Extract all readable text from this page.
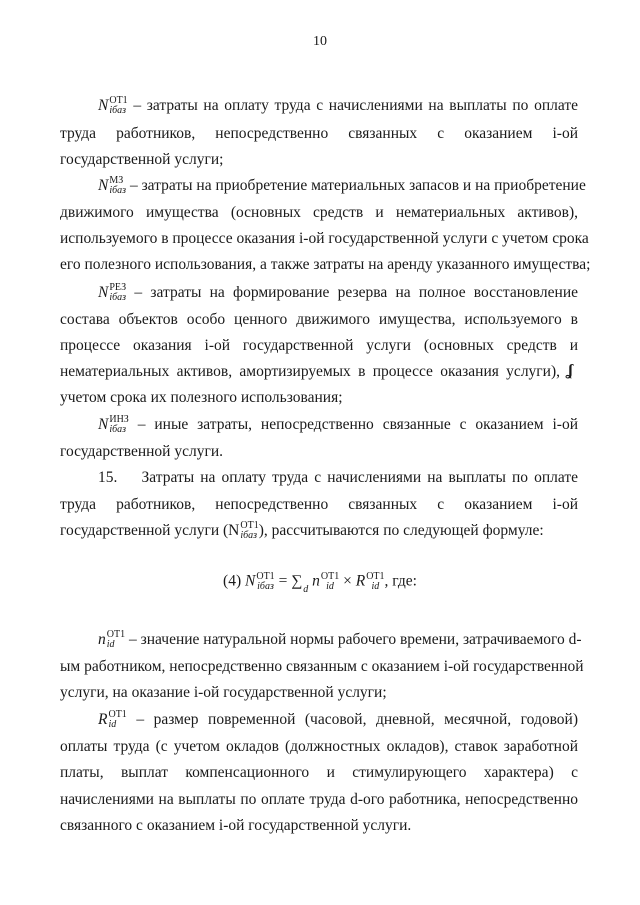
10
N ОТ1
iбаз – затраты на оплату труда с начислениями на выплаты по оплате
труда работников, непосредственно связанных с оказанием i-ой
государственной услуги;
N МЗ
iбаз – затраты на приобретение материальных запасов и на приобретение
движимого имущества (основных средств и нематериальных активов),
используемого в процессе оказания i-ой государственной услуги с учетом срока
его полезного использования, а также затраты на аренду указанного имущества;
N РЕЗ
iбаз – затраты на формирование резерва на полное восстановление
состава объектов особо ценного движимого имущества, используемого в
процессе оказания i-ой государственной услуги (основных средств и
нематериальных активов, амортизируемых в процессе оказания услуги), ʆ
учетом срока их полезного использования;
N ИНЗ
iбаз – иные затраты, непосредственно связанные с оказанием i-ой
государственной услуги.
15. Затраты на оплату труда с начислениями на выплаты по оплате
труда работников, непосредственно связанных с оказанием i-ой
государственной услуги (N ОТ1
iбаз ), рассчитываются по следующей формуле:
(4) N ОТ1
iбаз = ∑ d n ОТ1
id × R ОТ1
id , где:
n ОТ1
id – значение натуральной нормы рабочего времени, затрачиваемого d-
ым работником, непосредственно связанным с оказанием i-ой государственной
услуги, на оказание i-ой государственной услуги;
R ОТ1
id	– размер повременной (часовой, дневной, месячной, годовой)
оплаты труда (с учетом окладов (должностных окладов), ставок заработной
платы, выплат компенсационного и стимулирующего характера) с
начислениями на выплаты по оплате труда d-ого работника, непосредственно
связанного с оказанием i-ой государственной услуги.
